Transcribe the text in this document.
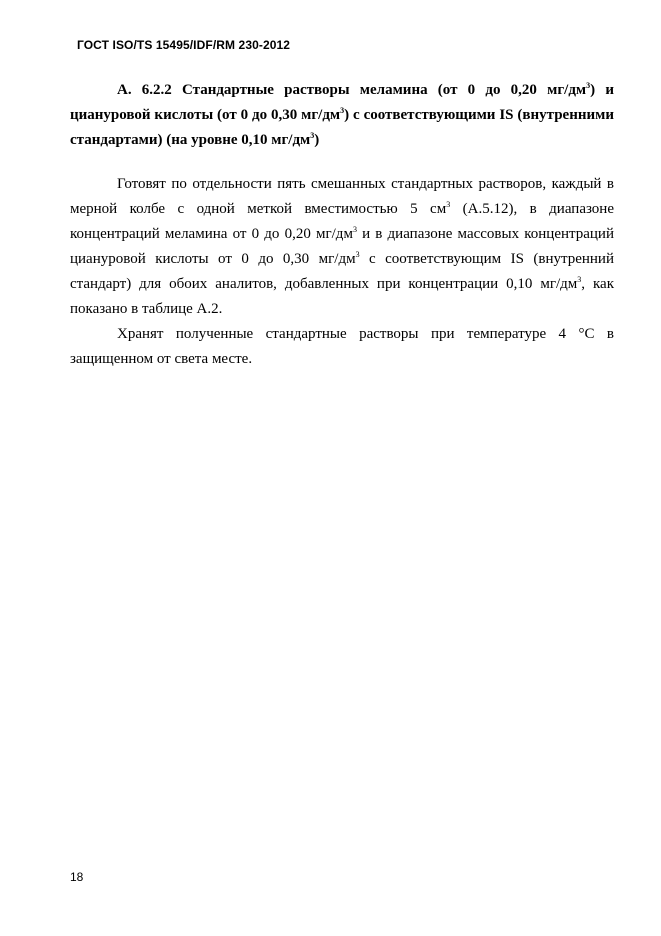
ГОСТ ISO/TS 15495/IDF/RM 230-2012

А. 6.2.2 Стандартные растворы меламина (от 0 до 0,20 $мг/дм^3$) и циануровой кислоты (от 0 до 0,30 $мг/дм^3$) с соответствующими IS (внутренними стандартами) (на уровне 0,10 $мг/дм^3$)

Готовят по отдельности пять смешанных стандартных растворов, каждый в мерной колбе с одной меткой вместимостью 5 $см^3$ (А.5.12), в диапазоне концентраций меламина от 0 до 0,20 $мг/дм^3$ и в диапазоне массовых концентраций циануровой кислоты от 0 до 0,30 $мг/дм^3$ с соответствующим IS (внутренний стандарт) для обоих аналитов, добавленных при концентрации 0,10 $мг/дм^3$, как показано в таблице А.2.

Хранят полученные стандартные растворы при температуре 4 °С в защищенном от света месте.

18
